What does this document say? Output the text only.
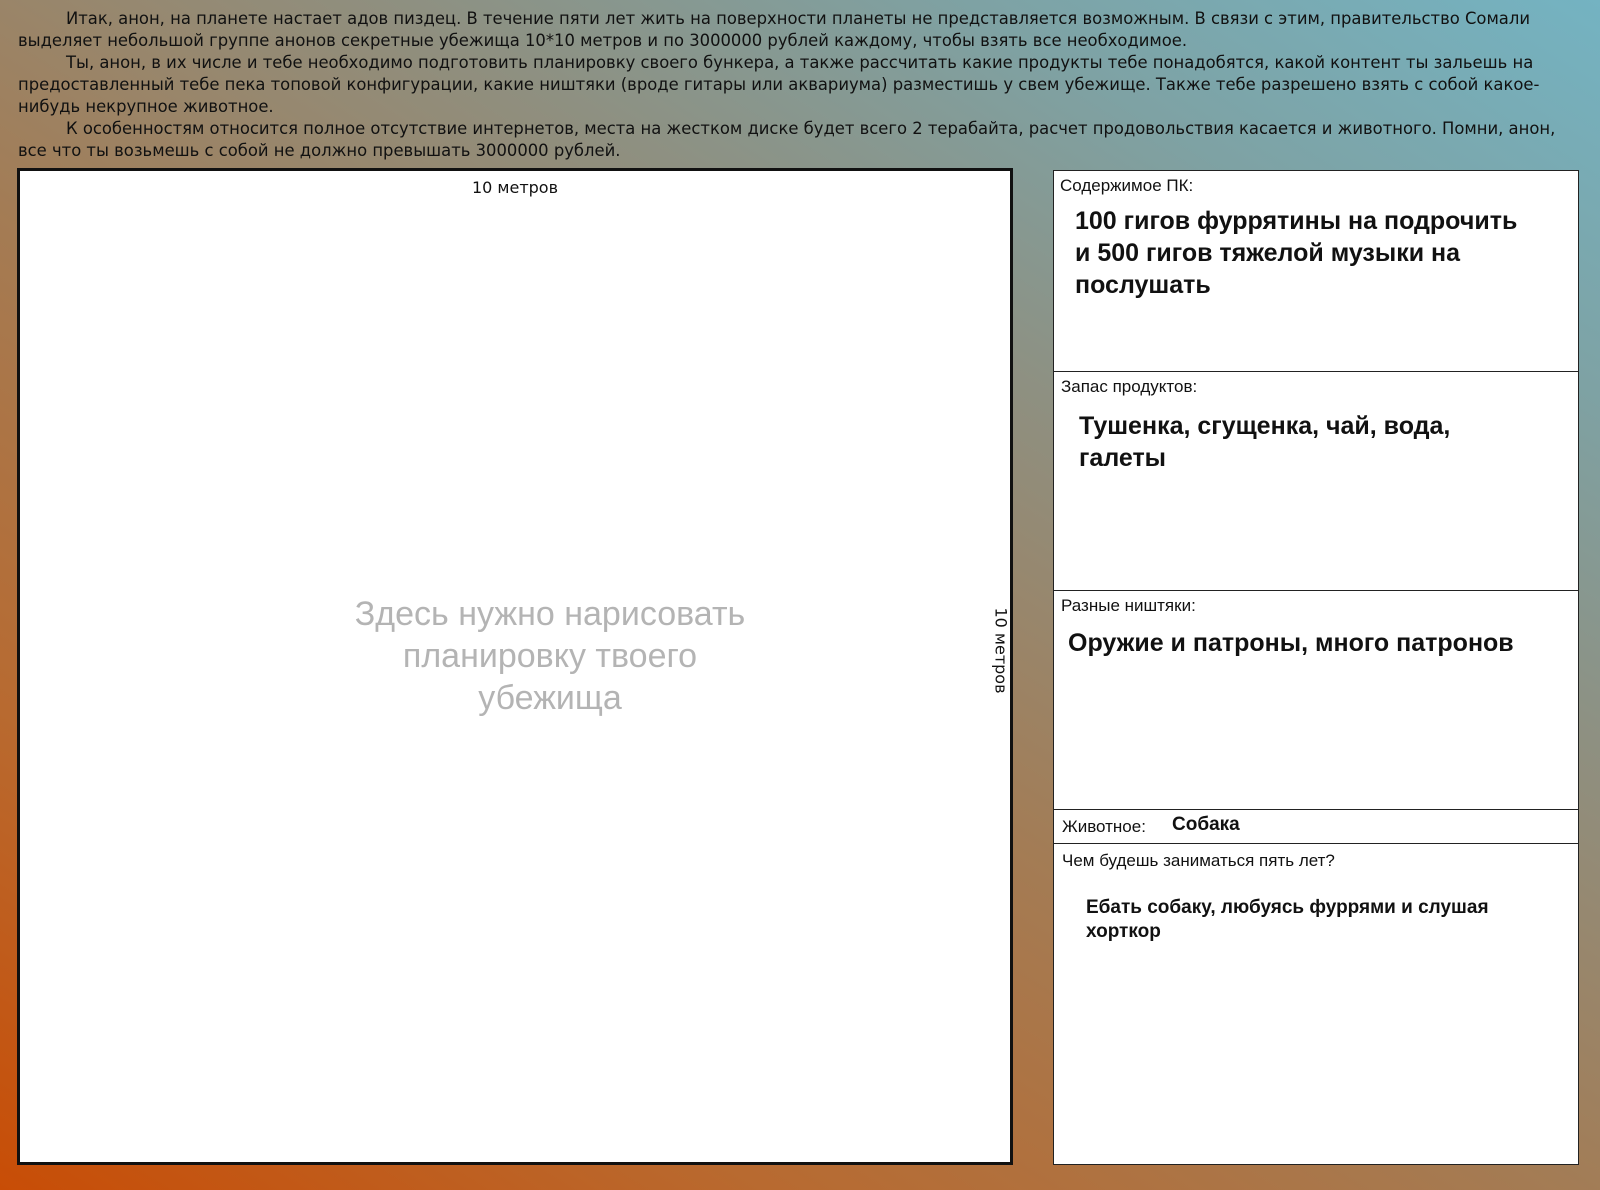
Итак, анон, на планете настает адов пиздец. В течение пяти лет жить на поверхности планеты не представляется возможным. В связи с этим, правительство Сомали выделяет небольшой группе анонов секретные убежища 10*10 метров и по 3000000 рублей каждому, чтобы взять все необходимое.

Ты, анон, в их числе и тебе необходимо подготовить планировку своего бункера, а также рассчитать какие продукты тебе понадобятся, какой контент ты зальешь на предоставленный тебе пека топовой конфигурации, какие ништяки (вроде гитары или аквариума) разместишь у свем убежище. Также тебе разрешено взять с собой какое-нибудь некрупное животное.

К особенностям относится полное отсутствие интернетов, места на жестком диске будет всего 2 терабайта, расчет продовольствия касается и животного. Помни, анон, все что ты возьмешь с собой не должно превышать 3000000 рублей.

10 метров
10 метров
Здесь нужно нарисовать
планировку твоего
убежища
Содержимое ПК:
100 гигов фуррятины на подрочить и 500 гигов тяжелой музыки на послушать
Запас продуктов:
Тушенка, сгущенка, чай, вода, галеты
Разные ништяки:
Оружие и патроны, много патронов
Животное: Собака
Чем будешь заниматься пять лет?
Ебать собаку, любуясь фуррями и слушая хорткор
